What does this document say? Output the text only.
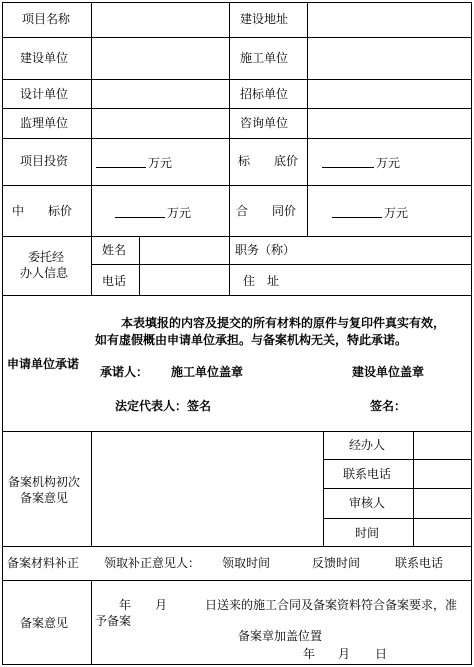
项目名称	建设地址
建设单位	施工单位
设计单位	招标单位
监理单位	咨询单位
项目投资	万元	标　　底价	万元
中　　标价	万元	合　　同价	万元
委托经
办人信息
姓名	职务（称）
电话	住　址
申请单位承诺
本表填报的内容及提交的所有材料的原件与复印件真实有效，
如有虚假概由申请单位承担。与备案机构无关，特此承诺。
承诺人： 施工单位盖章	建设单位盖章
法定代表人：签名	签名：
备案机构初次
备案意见
经办人
联系电话
审核人
时间
备案材料补正 领取补正意见人： 领取时间	反馈时间	联系电话
备案意见
年 月	日送来的施工合同及备案资料符合备案要求，准
予备案
备案章加盖位置
年 月 日
